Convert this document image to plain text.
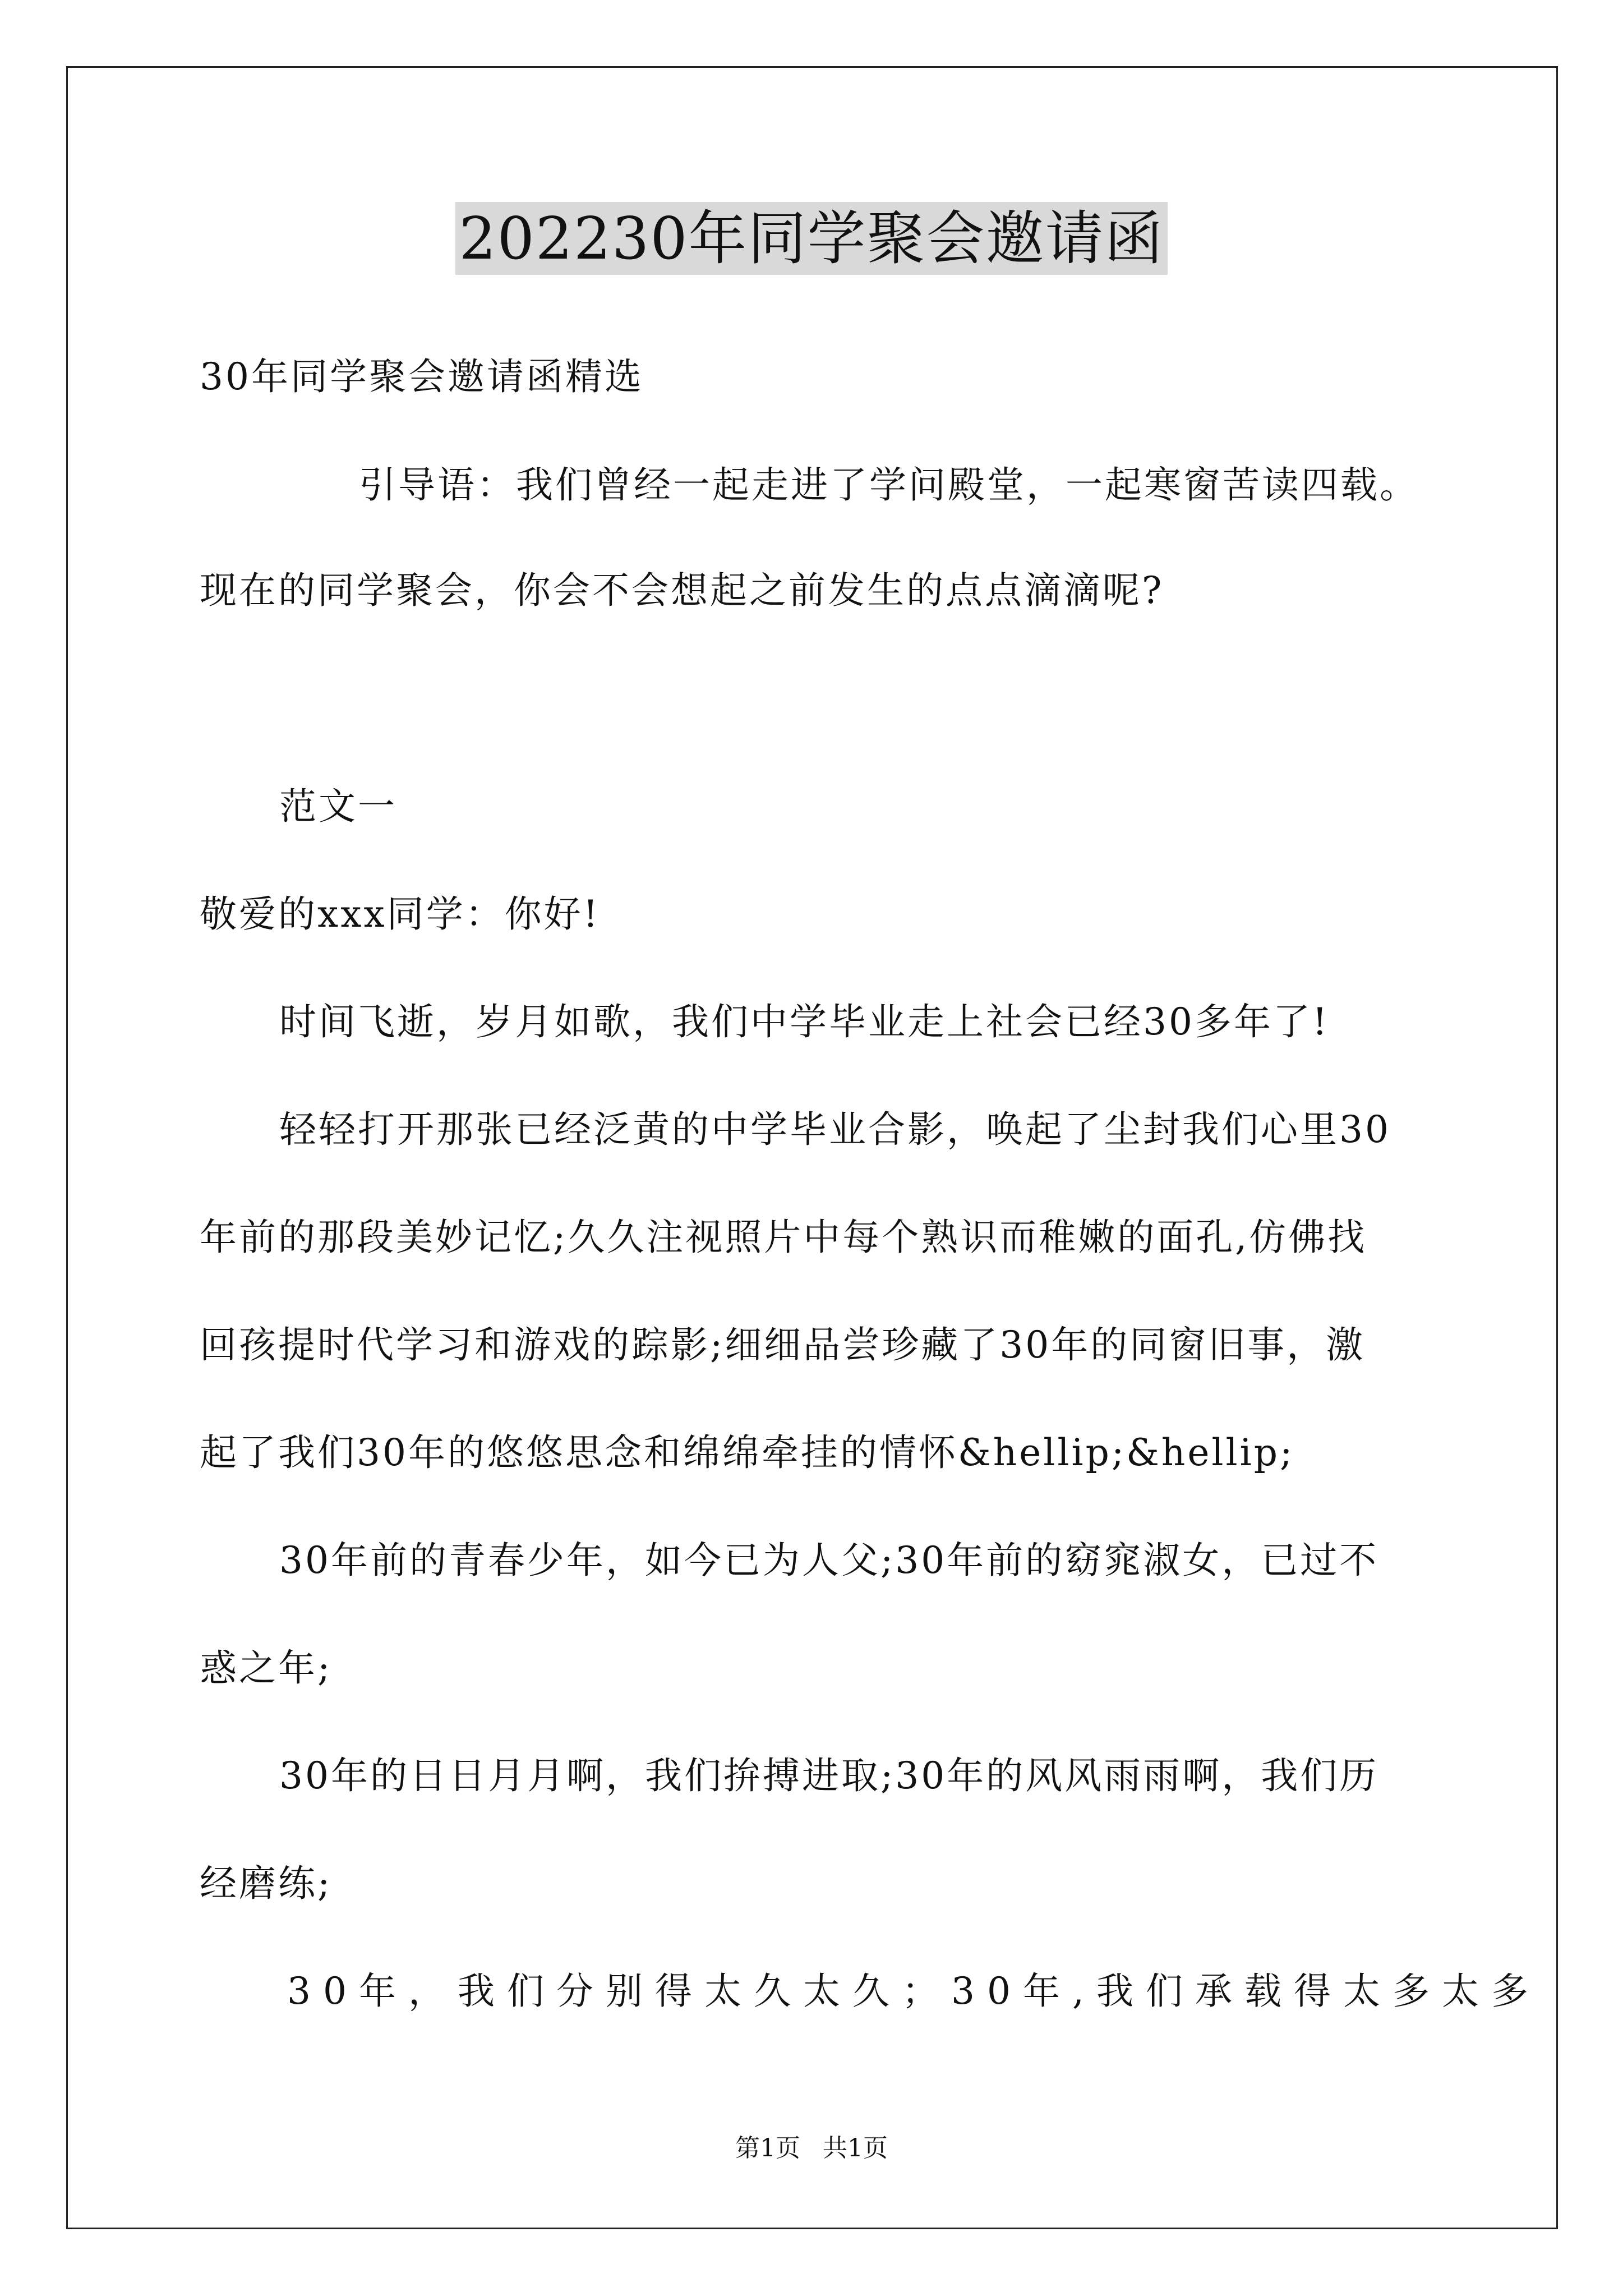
202230年同学聚会邀请函
30年同学聚会邀请函精选
引导语：我们曾经一起走进了学问殿堂，一起寒窗苦读四载。
现在的同学聚会，你会不会想起之前发生的点点滴滴呢?
范文一
敬爱的xxx同学：你好!
时间飞逝，岁月如歌，我们中学毕业走上社会已经30多年了!
轻轻打开那张已经泛黄的中学毕业合影，唤起了尘封我们心里30
年前的那段美妙记忆;久久注视照片中每个熟识而稚嫩的面孔,仿佛找
回孩提时代学习和游戏的踪影;细细品尝珍藏了30年的同窗旧事，激
起了我们30年的悠悠思念和绵绵牵挂的情怀&hellip;&hellip;
30年前的青春少年，如今已为人父;30年前的窈窕淑女，已过不
惑之年;
30年的日日月月啊，我们拚搏进取;30年的风风雨雨啊，我们历
经磨练;
30年，我们分别得太久太久；30年,我们承载得太多太多
第1页 共1页
